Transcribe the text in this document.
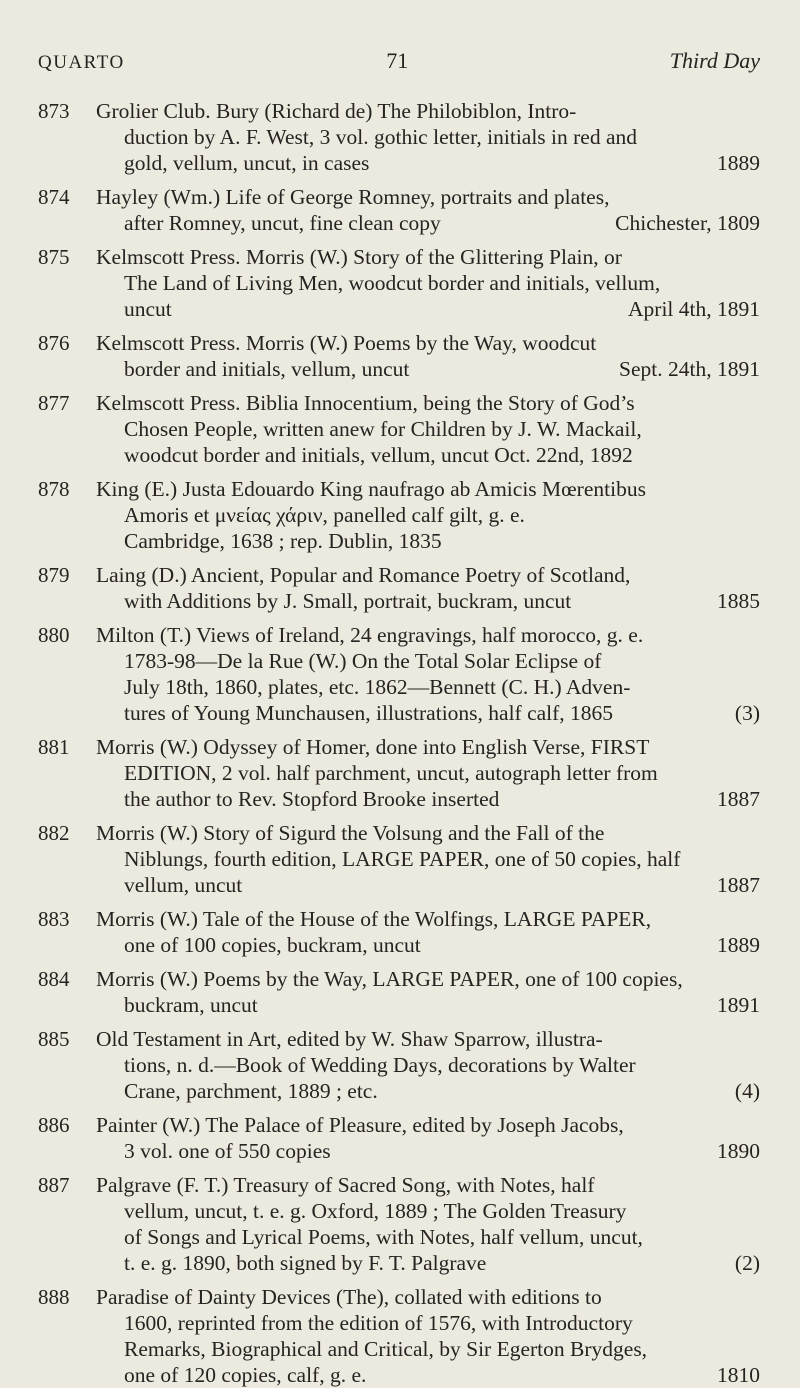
QUARTO	71	Third Day
873	Grolier Club. Bury (Richard de) The Philobiblon, Intro-
duction by A. F. West, 3 vol. gothic letter, initials in red and
gold, vellum, uncut, in cases	1889
874	Hayley (Wm.) Life of George Romney, portraits and plates,
after Romney, uncut, fine clean copy	Chichester, 1809
875	Kelmscott Press. Morris (W.) Story of the Glittering Plain, or
The Land of Living Men, woodcut border and initials, vellum,
uncut	April 4th, 1891
876	Kelmscott Press. Morris (W.) Poems by the Way, woodcut
border and initials, vellum, uncut	Sept. 24th, 1891
877	Kelmscott Press. Biblia Innocentium, being the Story of God’s
Chosen People, written anew for Children by J. W. Mackail,
woodcut border and initials, vellum, uncut Oct. 22nd, 1892
878	King (E.) Justa Edouardo King naufrago ab Amicis Mœrentibus
Amoris et μνείας χάριν, panelled calf gilt, g. e.
Cambridge, 1638 ; rep. Dublin, 1835
879	Laing (D.) Ancient, Popular and Romance Poetry of Scotland,
with Additions by J. Small, portrait, buckram, uncut	1885
880	Milton (T.) Views of Ireland, 24 engravings, half morocco, g. e.
1783-98—De la Rue (W.) On the Total Solar Eclipse of
July 18th, 1860, plates, etc. 1862—Bennett (C. H.) Adven-
tures of Young Munchausen, illustrations, half calf, 1865	(3)
881	Morris (W.) Odyssey of Homer, done into English Verse, FIRST
EDITION, 2 vol. half parchment, uncut, autograph letter from
the author to Rev. Stopford Brooke inserted	1887
882	Morris (W.) Story of Sigurd the Volsung and the Fall of the
Niblungs, fourth edition, LARGE PAPER, one of 50 copies, half
vellum, uncut	1887
883	Morris (W.) Tale of the House of the Wolfings, LARGE PAPER,
one of 100 copies, buckram, uncut	1889
884	Morris (W.) Poems by the Way, LARGE PAPER, one of 100 copies,
buckram, uncut	1891
885	Old Testament in Art, edited by W. Shaw Sparrow, illustra-
tions, n. d.—Book of Wedding Days, decorations by Walter
Crane, parchment, 1889 ; etc.	(4)
886	Painter (W.) The Palace of Pleasure, edited by Joseph Jacobs,
3 vol. one of 550 copies	1890
887	Palgrave (F. T.) Treasury of Sacred Song, with Notes, half
vellum, uncut, t. e. g. Oxford, 1889 ; The Golden Treasury
of Songs and Lyrical Poems, with Notes, half vellum, uncut,
t. e. g. 1890, both signed by F. T. Palgrave	(2)
888	Paradise of Dainty Devices (The), collated with editions to
1600, reprinted from the edition of 1576, with Introductory
Remarks, Biographical and Critical, by Sir Egerton Brydges,
one of 120 copies, calf, g. e.	1810
